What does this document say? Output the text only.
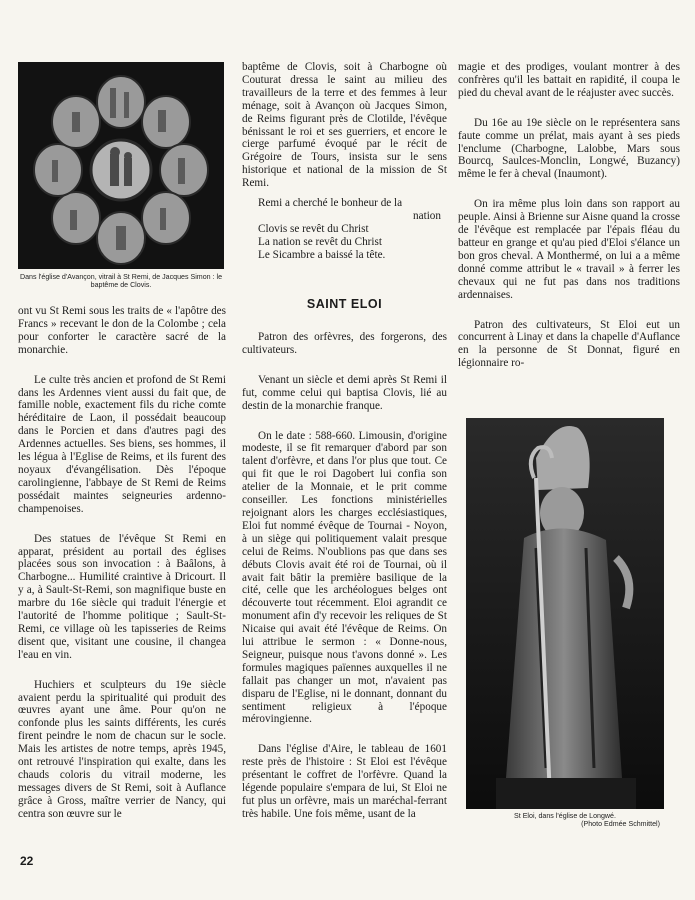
Dans l'église d'Avançon, vitrail à St Remi, de Jacques Simon : le baptême de Clovis.

ont vu St Remi sous les traits de « l'apôtre des Francs » recevant le don de la Colombe ; cela pour conforter le caractère sacré de la monarchie.

Le culte très ancien et profond de St Remi dans les Ardennes vient aussi du fait que, de famille noble, exactement fils du riche comte héréditaire de Laon, il possédait beaucoup dans le Porcien et dans d'autres pagi des Ardennes actuelles. Ses biens, ses hommes, il les légua à l'Eglise de Reims, et ils furent des noyaux d'évangélisation. Dès l'époque carolingienne, l'abbaye de St Remi de Reims possédait maintes seigneuries ardenno-champenoises.

Des statues de l'évêque St Remi en apparat, président au portail des églises placées sous son invocation : à Baâlons, à Charbogne... Humilité craintive à Dricourt. Il y a, à Sault-St-Remi, son magnifique buste en marbre du 16e siècle qui traduit l'énergie et l'autorité de l'homme politique ; Sault-St-Remi, ce village où les tapisseries de Reims disent que, visitant une cousine, il changea l'eau en vin.

Huchiers et sculpteurs du 19e siècle avaient perdu la spiritualité qui produit des œuvres ayant une âme. Pour qu'on ne confonde plus les saints différents, les curés firent peindre le nom de chacun sur le socle. Mais les artistes de notre temps, après 1945, ont retrouvé l'inspiration qui exalte, dans les chauds coloris du vitrail moderne, les messages divers de St Remi, soit à Auflance grâce à Gross, maître verrier de Nancy, qui centra son œuvre sur le

baptême de Clovis, soit à Charbogne où Couturat dressa le saint au milieu des travailleurs de la terre et des femmes à leur ménage, soit à Avançon où Jacques Simon, de Reims figurant près de Clotilde, l'évêque bénissant le roi et ses guerriers, et encore le cierge parfumé évoqué par le récit de Grégoire de Tours, insista sur le sens historique et national de la mission de St Remi.

Remi a cherché le bonheur de la
nation
Clovis se revêt du Christ
La nation se revêt du Christ
Le Sicambre a baissé la tête.
SAINT ELOI

Patron des orfèvres, des forgerons, des cultivateurs.

Venant un siècle et demi après St Remi il fut, comme celui qui baptisa Clovis, lié au destin de la monarchie franque.

On le date : 588-660. Limousin, d'origine modeste, il se fit remarquer d'abord par son talent d'orfèvre, et dans l'or plus que tout. Ce qui fit que le roi Dagobert lui confia son atelier de la Monnaie, et le prit comme conseiller. Les fonctions ministérielles rejoignant alors les charges ecclésiastiques, Eloi fut nommé évêque de Tournai - Noyon, à un siège qui politiquement valait presque celui de Reims. N'oublions pas que dans ses débuts Clovis avait été roi de Tournai, où il avait fait bâtir la première basilique de la cité, celle que les archéologues belges ont découverte tout récemment. Eloi agrandit ce monument afin d'y recevoir les reliques de St Nicaise qui avait été l'évêque de Reims. On lui attribue le sermon : « Donne-nous, Seigneur, puisque nous t'avons donné ». Les formules magiques païennes auxquelles il ne fallait pas changer un mot, n'avaient pas disparu de l'Eglise, ni le donnant, donnant du sentiment religieux à l'époque mérovingienne.

Dans l'église d'Aire, le tableau de 1601 reste près de l'histoire : St Eloi est l'évêque présentant le coffret de l'orfèvre. Quand la légende populaire s'empara de lui, St Eloi ne fut plus un orfèvre, mais un maréchal-ferrant très habile. Une fois même, usant de la

magie et des prodiges, voulant montrer à des confrères qu'il les battait en rapidité, il coupa le pied du cheval avant de le réajuster avec succès.

Du 16e au 19e siècle on le représentera sans faute comme un prélat, mais ayant à ses pieds l'enclume (Charbogne, Lalobbe, Mars sous Bourcq, Saulces-Monclin, Longwé, Buzancy) même le fer à cheval (Inaumont).

On ira même plus loin dans son rapport au peuple. Ainsi à Brienne sur Aisne quand la crosse de l'évêque est remplacée par l'épais fléau du batteur en grange et qu'au pied d'Eloi s'élance un bon gros cheval. A Monthermé, on lui a a même donné comme attribut le « travail » à ferrer les chevaux qui ne fut pas dans nos traditions ardennaises.

Patron des cultivateurs, St Eloi eut un concurrent à Linay et dans la chapelle d'Auflance en la personne de St Donnat, figuré en légionnaire ro-

St Eloi, dans l'église de Longwé.
(Photo Edmée Schmittel)
22
